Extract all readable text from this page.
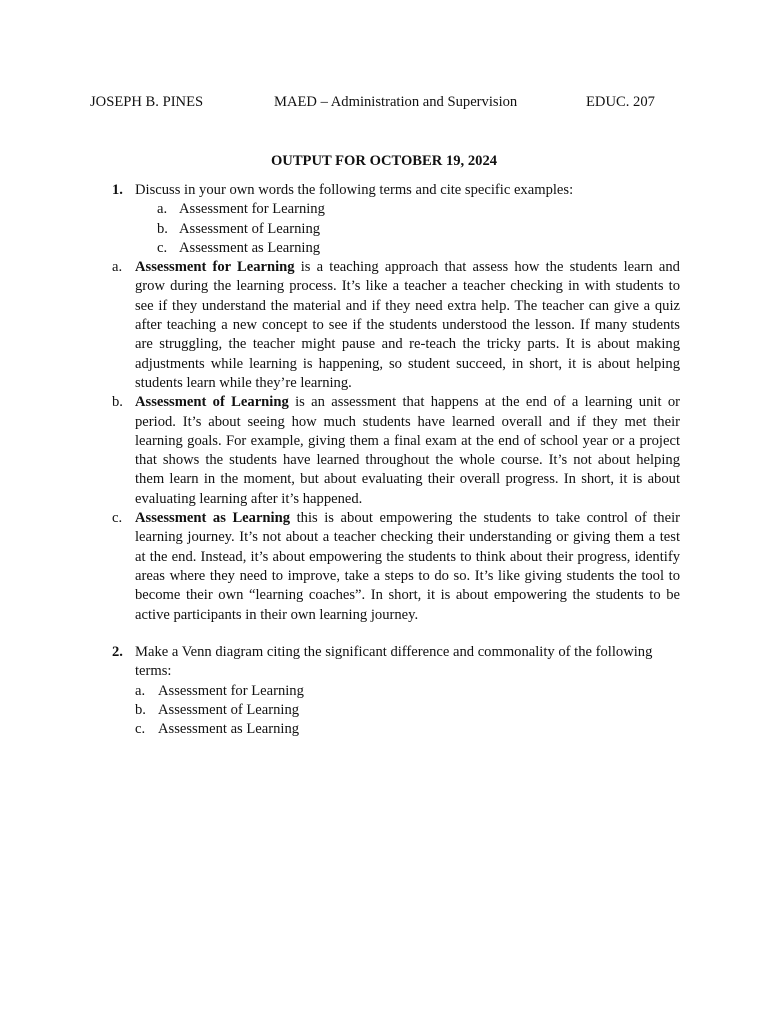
JOSEPH B. PINES	MAED – Administration and Supervision	EDUC. 207
OUTPUT FOR OCTOBER 19, 2024
1. Discuss in your own words the following terms and cite specific examples:
a. Assessment for Learning
b. Assessment of Learning
c. Assessment as Learning
a. Assessment for Learning is a teaching approach that assess how the students learn and grow during the learning process. It’s like a teacher a teacher checking in with students to see if they understand the material and if they need extra help. The teacher can give a quiz after teaching a new concept to see if the students understood the lesson. If many students are struggling, the teacher might pause and re-teach the tricky parts. It is about making adjustments while learning is happening, so student succeed, in short, it is about helping students learn while they’re learning.
b. Assessment of Learning is an assessment that happens at the end of a learning unit or period. It’s about seeing how much students have learned overall and if they met their learning goals. For example, giving them a final exam at the end of school year or a project that shows the students have learned throughout the whole course. It’s not about helping them learn in the moment, but about evaluating their overall progress. In short, it is about evaluating learning after it’s happened.
c. Assessment as Learning this is about empowering the students to take control of their learning journey. It’s not about a teacher checking their understanding or giving them a test at the end. Instead, it’s about empowering the students to think about their progress, identify areas where they need to improve, take a steps to do so. It’s like giving students the tool to become their own “learning coaches”. In short, it is about empowering the students to be active participants in their own learning journey.
2. Make a Venn diagram citing the significant difference and commonality of the following terms:
a. Assessment for Learning
b. Assessment of Learning
c. Assessment as Learning
